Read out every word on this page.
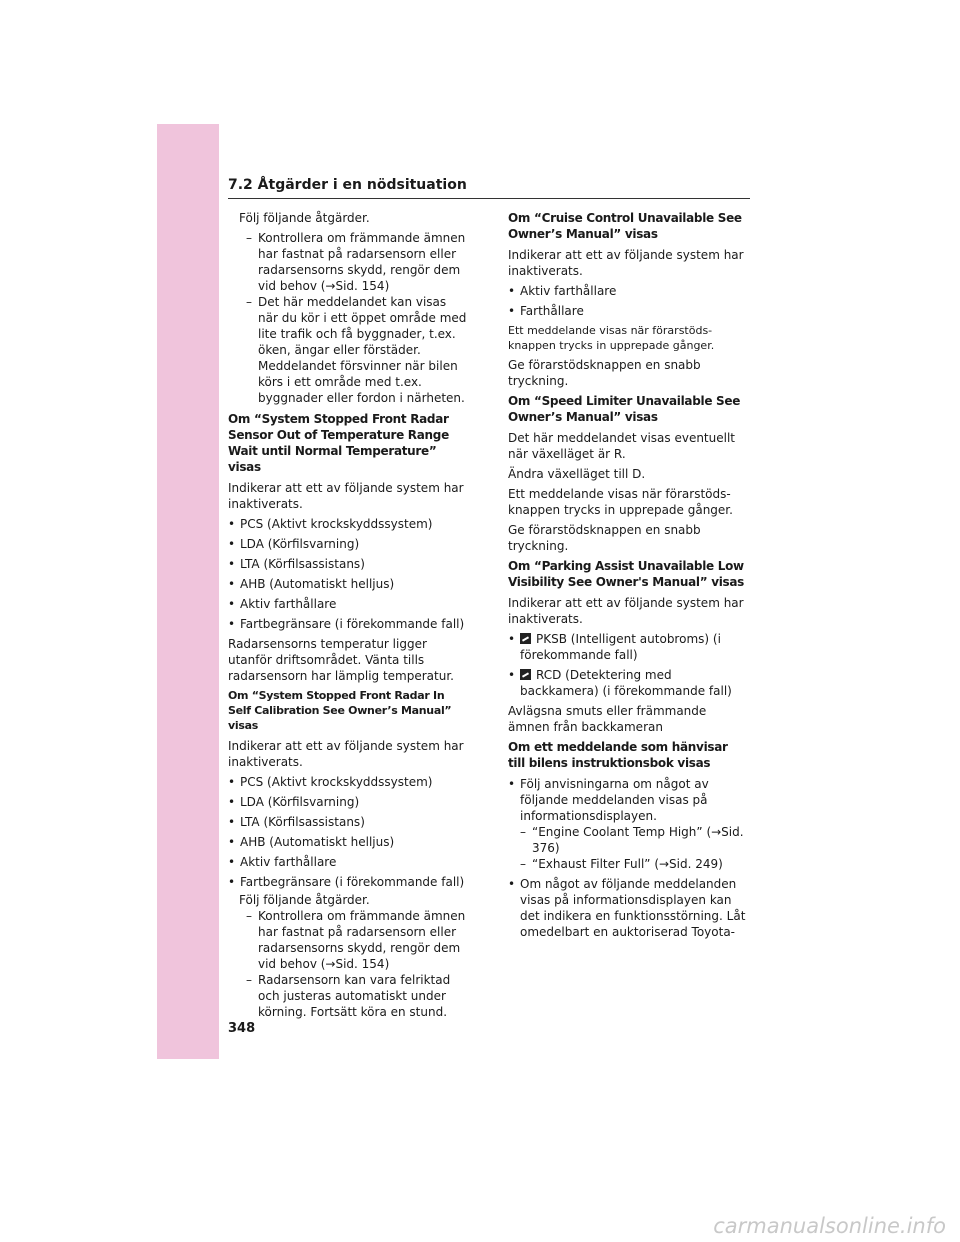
7.2 Åtgärder i en nödsituation

Följ följande åtgärder.

– Kontrollera om främmande ämnen har fastnat på radarsensorn eller radarsensorns skydd, rengör dem vid behov (→Sid. 154)
– Det här meddelandet kan visas när du kör i ett öppet område med lite trafik och få byggnader, t.ex. öken, ängar eller förstäder. Meddelandet försvinner när bilen körs i ett område med t.ex. byggnader eller fordon i närheten.

Om “System Stopped Front Radar Sensor Out of Temperature Range Wait until Normal Temperature” visas

Indikerar att ett av följande system har inaktiverats.

• PCS (Aktivt krockskyddssystem)
• LDA (Körfilsvarning)
• LTA (Körfilsassistans)
• AHB (Automatiskt helljus)
• Aktiv farthållare
• Fartbegränsare (i förekommande fall)

Radarsensorns temperatur ligger utanför driftsområdet. Vänta tills radarsensorn har lämplig temperatur.

Om “System Stopped Front Radar In Self Calibration See Owner’s Manual” visas

Indikerar att ett av följande system har inaktiverats.

• PCS (Aktivt krockskyddssystem)
• LDA (Körfilsvarning)
• LTA (Körfilsassistans)
• AHB (Automatiskt helljus)
• Aktiv farthållare
• Fartbegränsare (i förekommande fall)

Följ följande åtgärder.

– Kontrollera om främmande ämnen har fastnat på radarsensorn eller radarsensorns skydd, rengör dem vid behov (→Sid. 154)
– Radarsensorn kan vara felriktad och justeras automatiskt under körning. Fortsätt köra en stund.

Om “Cruise Control Unavailable See Owner’s Manual” visas

Indikerar att ett av följande system har inaktiverats.

• Aktiv farthållare
• Farthållare

Ett meddelande visas när förarstöds-knappen trycks in upprepade gånger.

Ge förarstödsknappen en snabb tryckning.

Om “Speed Limiter Unavailable See Owner’s Manual” visas

Det här meddelandet visas eventuellt när växelläget är R.

Ändra växelläget till D.

Ett meddelande visas när förarstöds-knappen trycks in upprepade gånger.

Ge förarstödsknappen en snabb tryckning.

Om “Parking Assist Unavailable Low Visibility See Owner's Manual” visas

Indikerar att ett av följande system har inaktiverats.

•	PKSB (Intelligent autobroms) (i förekommande fall)
•	RCD (Detektering med backkamera) (i förekommande fall)

Avlägsna smuts eller främmande ämnen från backkameran

Om ett meddelande som hänvisar till bilens instruktionsbok visas

• Följ anvisningarna om något av följande meddelanden visas på informationsdisplayen.
– “Engine Coolant Temp High” (→Sid. 376)
– “Exhaust Filter Full” (→Sid. 249)
• Om något av följande meddelanden visas på informationsdisplayen kan det indikera en funktionsstörning. Låt omedelbart en auktoriserad Toyota-
348
carmanualsonline.info
